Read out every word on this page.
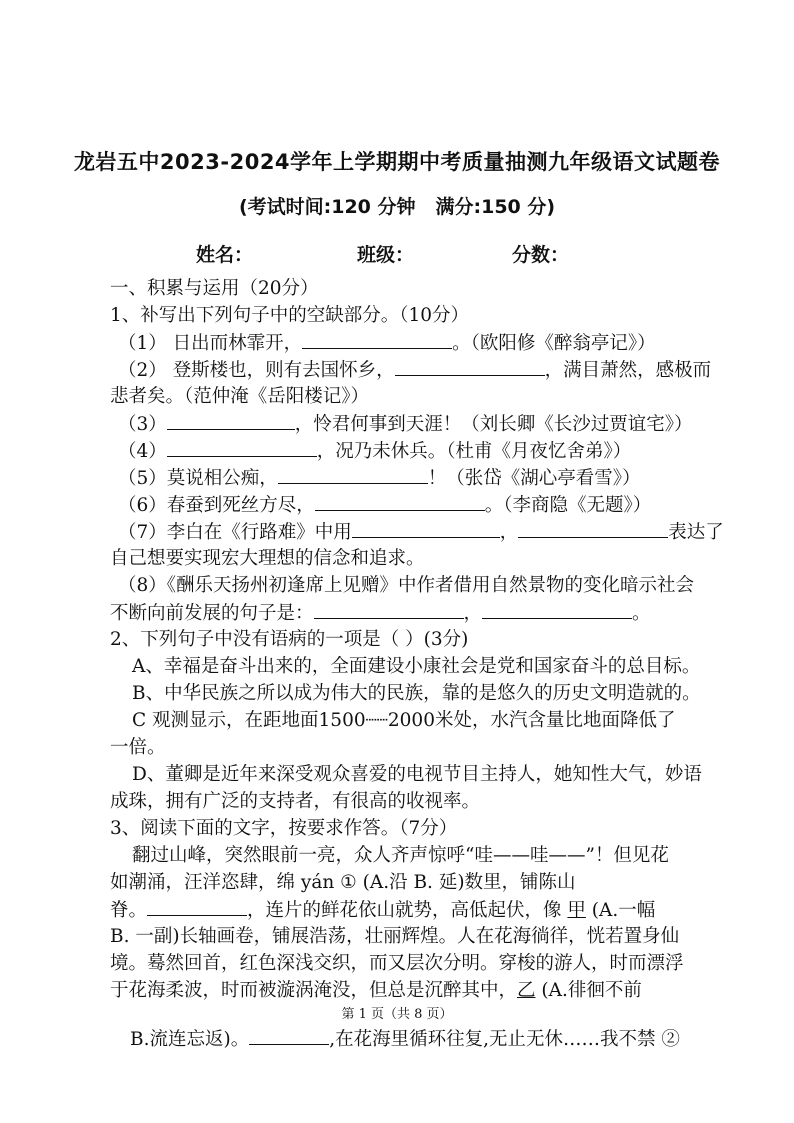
龙岩五中2023-2024学年上学期期中考质量抽测九年级语文试题卷
(考试时间:120 分钟 满分:150 分)
姓名：	班级：	分数：
一、积累与运用（20分）
1、补写出下列句子中的空缺部分。（10分）
（1） 日出而林霏开，	。（欧阳修《醉翁亭记》）
（2） 登斯楼也，则有去国怀乡，	，满目萧然，感极而
悲者矣。（范仲淹《岳阳楼记》）
（3）	，怜君何事到天涯！（刘长卿《长沙过贾谊宅》）
（4）	，况乃未休兵。（杜甫《月夜忆舍弟》）
（5）莫说相公痴，	！（张岱《湖心亭看雪》）
（6）春蚕到死丝方尽，	。（李商隐《无题》）
（7）李白在《行路难》中用	，	表达了
自己想要实现宏大理想的信念和追求。
（8）《酬乐天扬州初逢席上见赠》中作者借用自然景物的变化暗示社会
不断向前发展的句子是：	，	。
2、下列句子中没有语病的一项是（ ）(3分)
A、幸福是奋斗出来的，全面建设小康社会是党和国家奋斗的总目标。
B、中华民族之所以成为伟大的民族，靠的是悠久的历史文明造就的。
C 观测显示，在距地面1500┈┈2000米处，水汽含量比地面降低了
一倍。
D、董卿是近年来深受观众喜爱的电视节目主持人，她知性大气，妙语
成珠，拥有广泛的支持者，有很高的收视率。
3、阅读下面的文字，按要求作答。（7分）
翻过山峰，突然眼前一亮，众人齐声惊呼“哇——哇——”！但见花
如潮涌，汪洋恣肆，绵 yán ① (A.沿 B. 延)数里，铺陈山
脊。	，连片的鲜花依山就势，高低起伏，像 甲 (A.一幅
B. 一副)长轴画卷，铺展浩荡，壮丽辉煌。人在花海徜徉，恍若置身仙
境。蓦然回首，红色深浅交织，而又层次分明。穿梭的游人，时而漂浮
于花海柔波，时而被漩涡淹没，但总是沉醉其中，乙 (A.徘徊不前
第 1 页（共 8 页）
B.流连忘返)。	,在花海里循环往复,无止无休……我不禁 ②
